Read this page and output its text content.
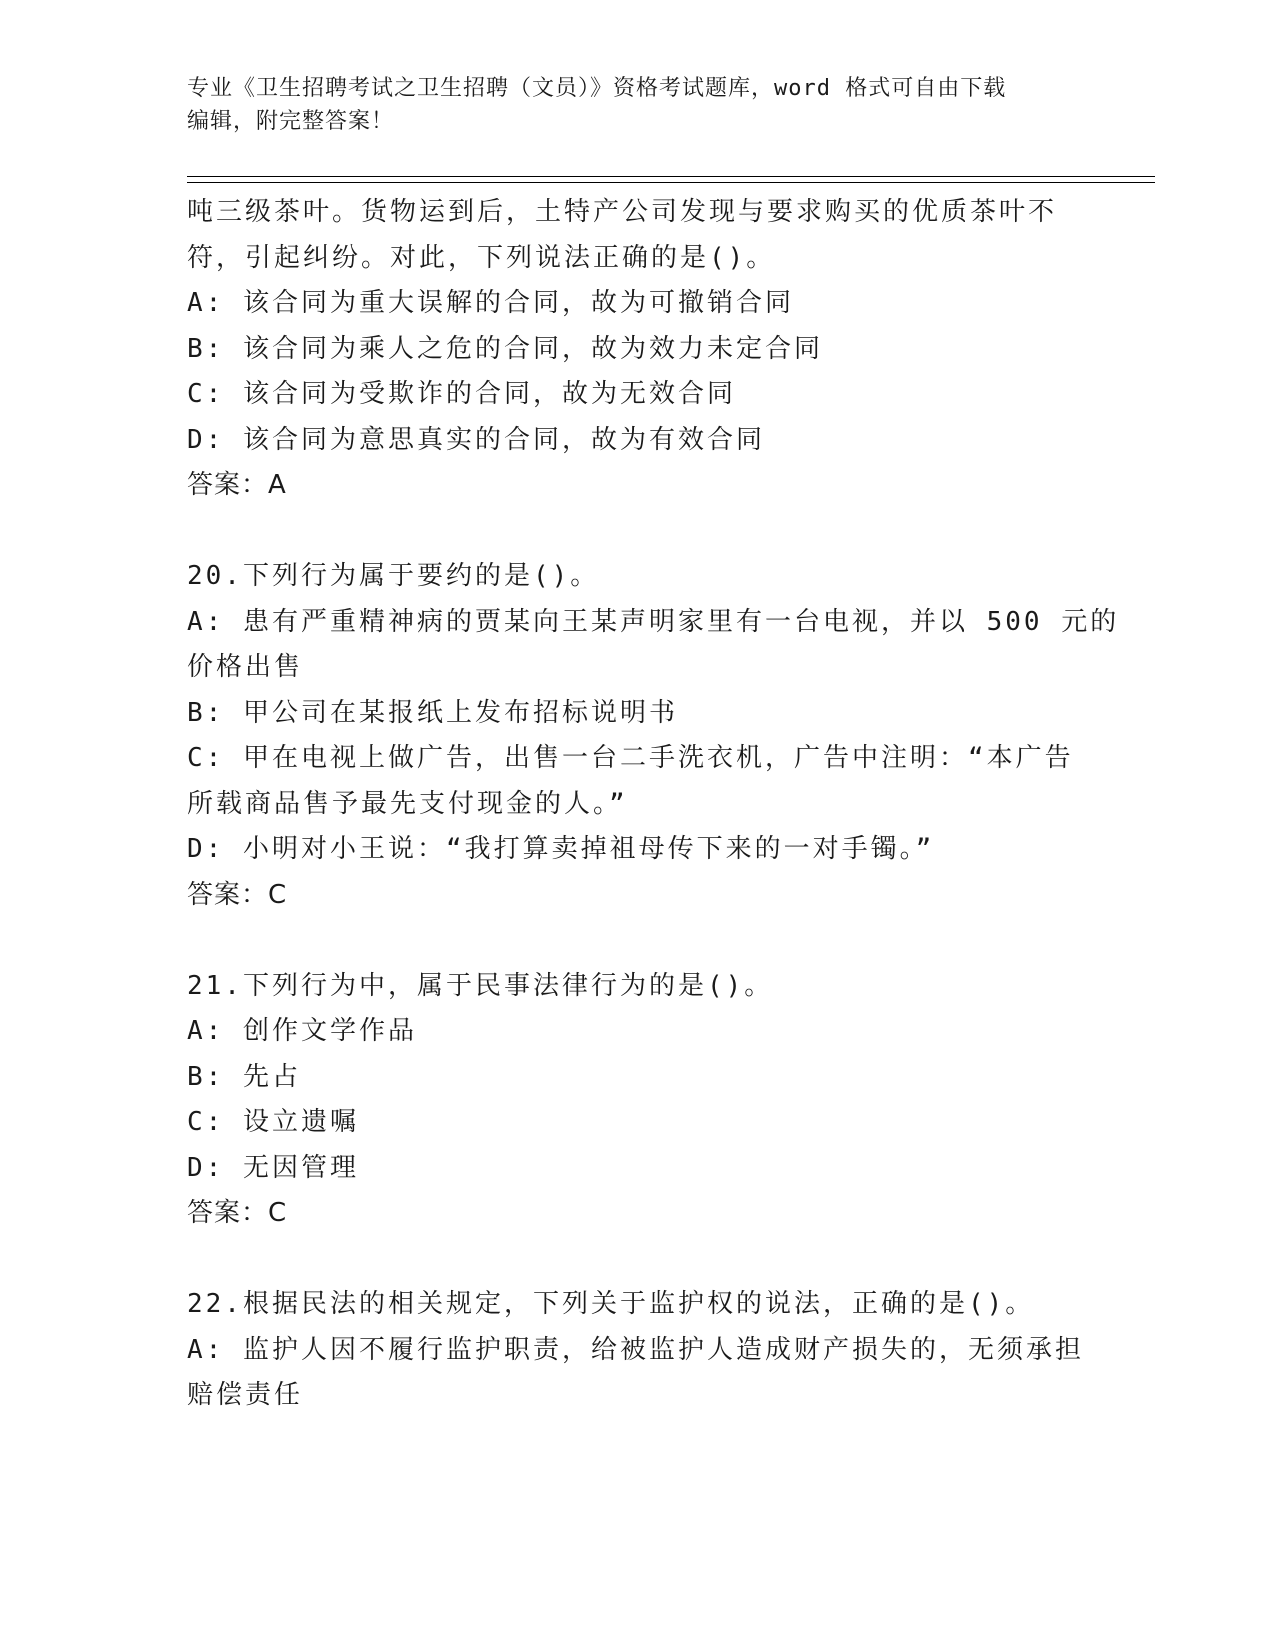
专业《卫生招聘考试之卫生招聘（文员）》资格考试题库，word 格式可自由下载
编辑，附完整答案！
吨三级茶叶。货物运到后，土特产公司发现与要求购买的优质茶叶不
符，引起纠纷。对此，下列说法正确的是()。
A: 该合同为重大误解的合同，故为可撤销合同
B: 该合同为乘人之危的合同，故为效力未定合同
C: 该合同为受欺诈的合同，故为无效合同
D: 该合同为意思真实的合同，故为有效合同
答案：A
20.下列行为属于要约的是()。
A: 患有严重精神病的贾某向王某声明家里有一台电视，并以 500 元的
价格出售
B: 甲公司在某报纸上发布招标说明书
C: 甲在电视上做广告，出售一台二手洗衣机，广告中注明：“本广告
所载商品售予最先支付现金的人。”
D: 小明对小王说：“我打算卖掉祖母传下来的一对手镯。”
答案：C
21.下列行为中，属于民事法律行为的是()。
A: 创作文学作品
B: 先占
C: 设立遗嘱
D: 无因管理
答案：C
22.根据民法的相关规定，下列关于监护权的说法，正确的是()。
A: 监护人因不履行监护职责，给被监护人造成财产损失的，无须承担
赔偿责任
